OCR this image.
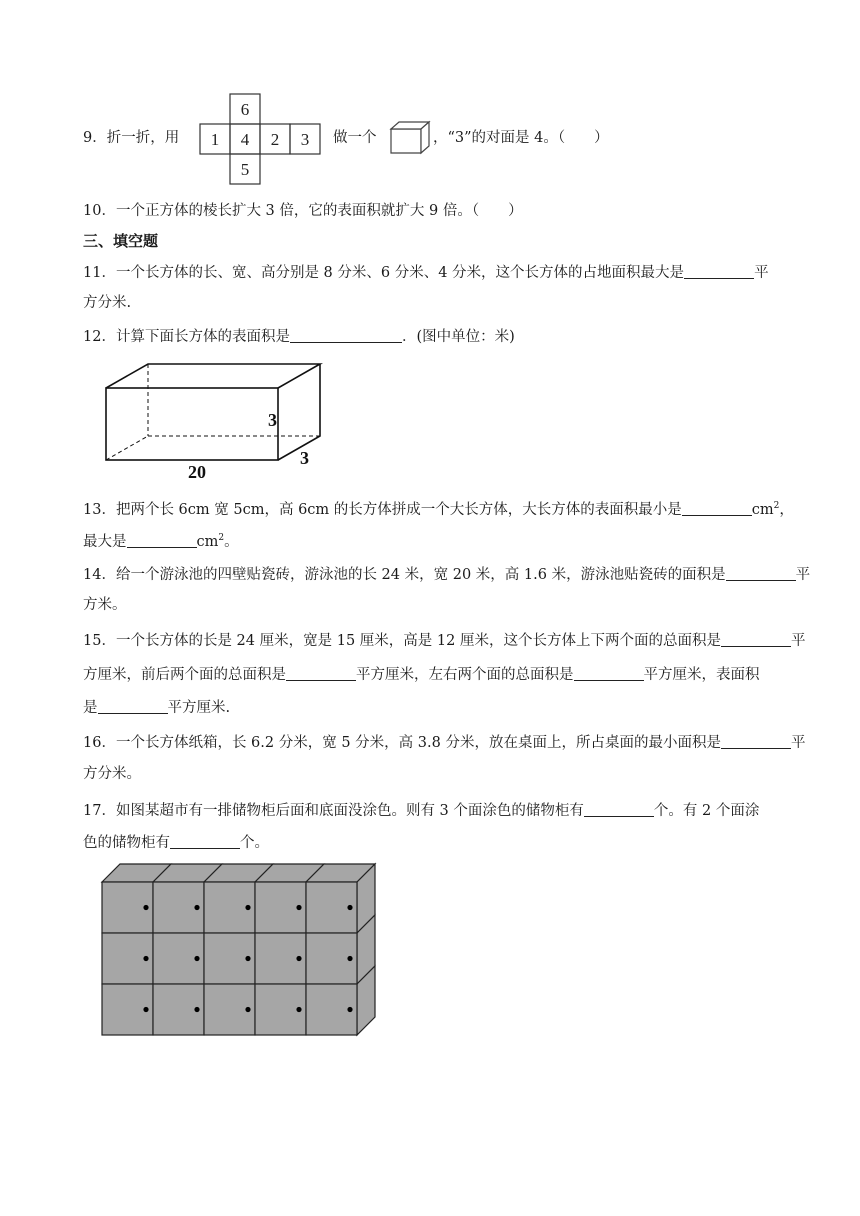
9．折一折，用
6
1 4 2 3
5
做一个	，“3”的对面是 4。（　　）
10．一个正方体的棱长扩大 3 倍，它的表面积就扩大 9 倍。（　　）
三、填空题
11．一个长方体的长、宽、高分别是 8 分米、6 分米、4 分米，这个长方体的占地面积最大是	平
方分米.
12．计算下面长方体的表面积是	．(图中单位：米)
20
3
3
13．把两个长 6cm 宽 5cm，高 6cm 的长方体拼成一个大长方体，大长方体的表面积最小是	$cm^2$，
最大是	$cm^2$。
14．给一个游泳池的四壁贴瓷砖，游泳池的长 24 米，宽 20 米，高 1.6 米，游泳池贴瓷砖的面积是	平
方米。
15．一个长方体的长是 24 厘米，宽是 15 厘米，高是 12 厘米，这个长方体上下两个面的总面积是	平
方厘米，前后两个面的总面积是	平方厘米，左右两个面的总面积是	平方厘米，表面积
是	平方厘米.
16．一个长方体纸箱，长 6.2 分米，宽 5 分米，高 3.8 分米，放在桌面上，所占桌面的最小面积是	平
方分米。
17．如图某超市有一排储物柜后面和底面没涂色。则有 3 个面涂色的储物柜有	个。有 2 个面涂
色的储物柜有	个。
